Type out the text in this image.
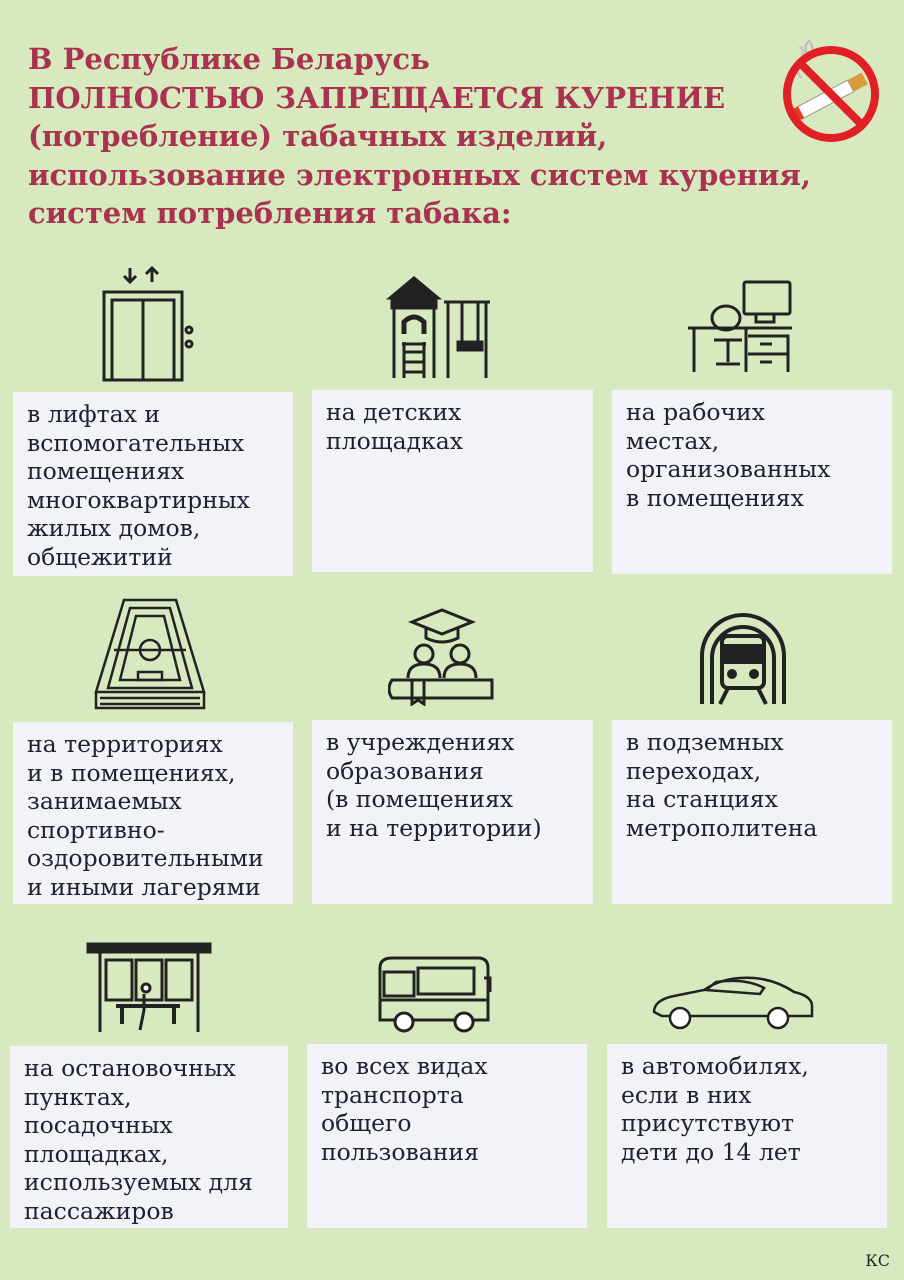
В Республике Беларусь
ПОЛНОСТЬЮ ЗАПРЕЩАЕТСЯ КУРЕНИЕ
(потребление) табачных изделий,
использование электронных систем курения,
систем потребления табака:
в лифтах и
вспомогательных
помещениях
многоквартирных
жилых домов,
общежитий
на детских
площадках
на рабочих
местах,
организованных
в помещениях
на территориях
и в помещениях,
занимаемых
спортивно-
оздоровительными
и иными лагерями
в учреждениях
образования
(в помещениях
и на территории)
в подземных
переходах,
на станциях
метрополитена
на остановочных
пунктах,
посадочных
площадках,
используемых для
пассажиров
во всех видах
транспорта
общего
пользования
в автомобилях,
если в них
присутствуют
дети до 14 лет
КС
